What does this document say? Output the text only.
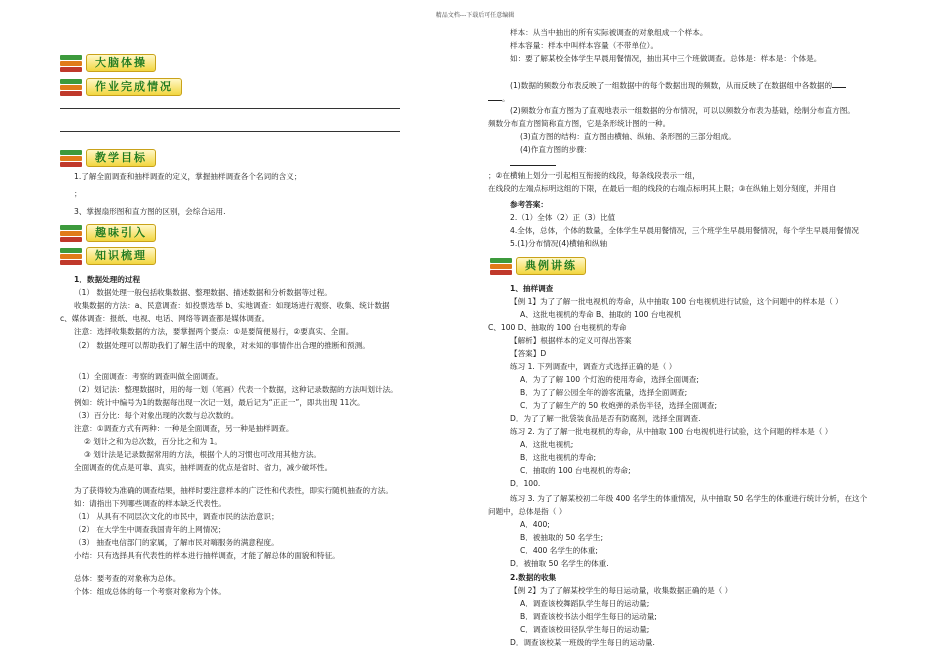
精品文档---下载后可任意编辑
大脑体操
作业完成情况
教学目标
1.了解全面调查和抽样调查的定义，掌握抽样调查各个名词的含义；
；
3、掌握扇形图和直方图的区别，会综合运用.
趣味引入
知识梳理
1．数据处理的过程
（1） 数据处理一般包括收集数据、整理数据、描述数据和分析数据等过程。
收集数据的方法：a、民意调查：如投票选举 b、实地调查：如现场进行观察、收集、统计数据
c、媒体调查：报纸、电视、电话、网络等调查都是媒体调查。
注意：选择收集数据的方法，要掌握两个要点：①是要简便易行，②要真实、全面。
（2） 数据处理可以帮助我们了解生活中的现象，对未知的事情作出合理的推断和预测。
（1）全面调查：考察的调查叫做全面调查。
（2）划记法：整理数据时，用的每一划（笔画）代表一个数据，这种记录数据的方法叫划计法。
例如：统计中编号为1的数据每出现一次记一划，最后记为“正正一”，即共出现 11次。
（3）百分比：每个对象出现的次数与总次数的。
注意：①调查方式有两种：一种是全面调查，另一种是抽样调查。
② 划计之和为总次数，百分比之和为 1。
③ 划计法是记录数据常用的方法，根据个人的习惯也可改用其他方法。
全面调查的优点是可靠、真实，抽样调查的优点是省时、省力，减少破坏性。
为了获得较为准确的调查结果，抽样时要注意样本的广泛性和代表性，即实行随机抽查的方法。
如：请指出下列哪些调查的样本缺乏代表性。
（1） 从具有不同层次文化的市民中，调查市民的法治意识；
（2） 在大学生中调查我国青年的上网情况；
（3） 抽查电信部门的家属，了解市民对嗨服务的满意程度。
小结：只有选择具有代表性的样本进行抽样调查，才能了解总体的面貌和特征。
总体：要考查的对象称为总体。
个体：组成总体的每一个考察对象称为个体。
样本：从当中抽出的所有实际被调查的对象组成一个样本。
样本容量：样本中叫样本容量（不带单位）。
如：要了解某校全体学生早晨用餐情况，抽出其中三个班做调查。总体是：样本是：个体是。
(1)数据的频数分布表反映了一组数据中的每个数据出现的频数，从而反映了在数据组中各数据的
。
(2)频数分布直方图为了直观地表示一组数据的分布情况，可以以频数分布表为基础，绘制分布直方图。
频数分布直方图简称直方图，它是条形统计图的一种。
(3)直方图的结构：直方图由横轴、纵轴、条形图的三部分组成。
(4)作直方图的步骤：
；②在横轴上划分一引起相互衔接的线段，每条线段表示一组，
在线段的左端点标明这组的下限，在最后一组的线段的右端点标明其上限；③在纵轴上划分刻度，并用自
参考答案：
2.（1）全体（2）正（3）比值
4.全体，总体，个体的数量，全体学生早晨用餐情况，三个班学生早晨用餐情况，每个学生早晨用餐情况
5.(1)分布情况(4)横轴和纵轴
典例讲练
1、抽样调查
【例 1】为了了解一批电视机的寿命，从中抽取 100 台电视机进行试验，这个问题中的样本是（ ）
A、这批电视机的寿命 B、抽取的 100 台电视机
C、100 D、抽取的 100 台电视机的寿命
【解析】根据样本的定义可得出答案
【答案】D
练习 1. 下列调查中，调查方式选择正确的是（ ）
A．为了了解 100 个灯泡的使用寿命，选择全面调查;
B．为了了解公园全年的游客流量，选择全面调查;
C．为了了解生产的 50 枚炮弹的杀伤半径，选择全面调查;
D．为了了解一批袋装食品是否有防腐剂，选择全面调查.
练习 2. 为了了解一批电视机的寿命，从中抽取 100 台电视机进行试验，这个问题的样本是（ ）
A．这批电视机;
B．这批电视机的寿命;
C．抽取的 100 台电视机的寿命;
D．100.
练习 3. 为了了解某校初二年级 400 名学生的体重情况，从中抽取 50 名学生的体重进行统计分析，在这个
问题中，总体是指（ ）
A．400;
B．被抽取的 50 名学生;
C．400 名学生的体重;
D．被抽取 50 名学生的体重.
2.数据的收集
【例 2】为了了解某校学生的每日运动量，收集数据正确的是（ ）
A．调查该校舞蹈队学生每日的运动量;
B．调查该校书法小组学生每日的运动量;
C．调查该校田径队学生每日的运动量;
D．调查该校某一班级的学生每日的运动量.
